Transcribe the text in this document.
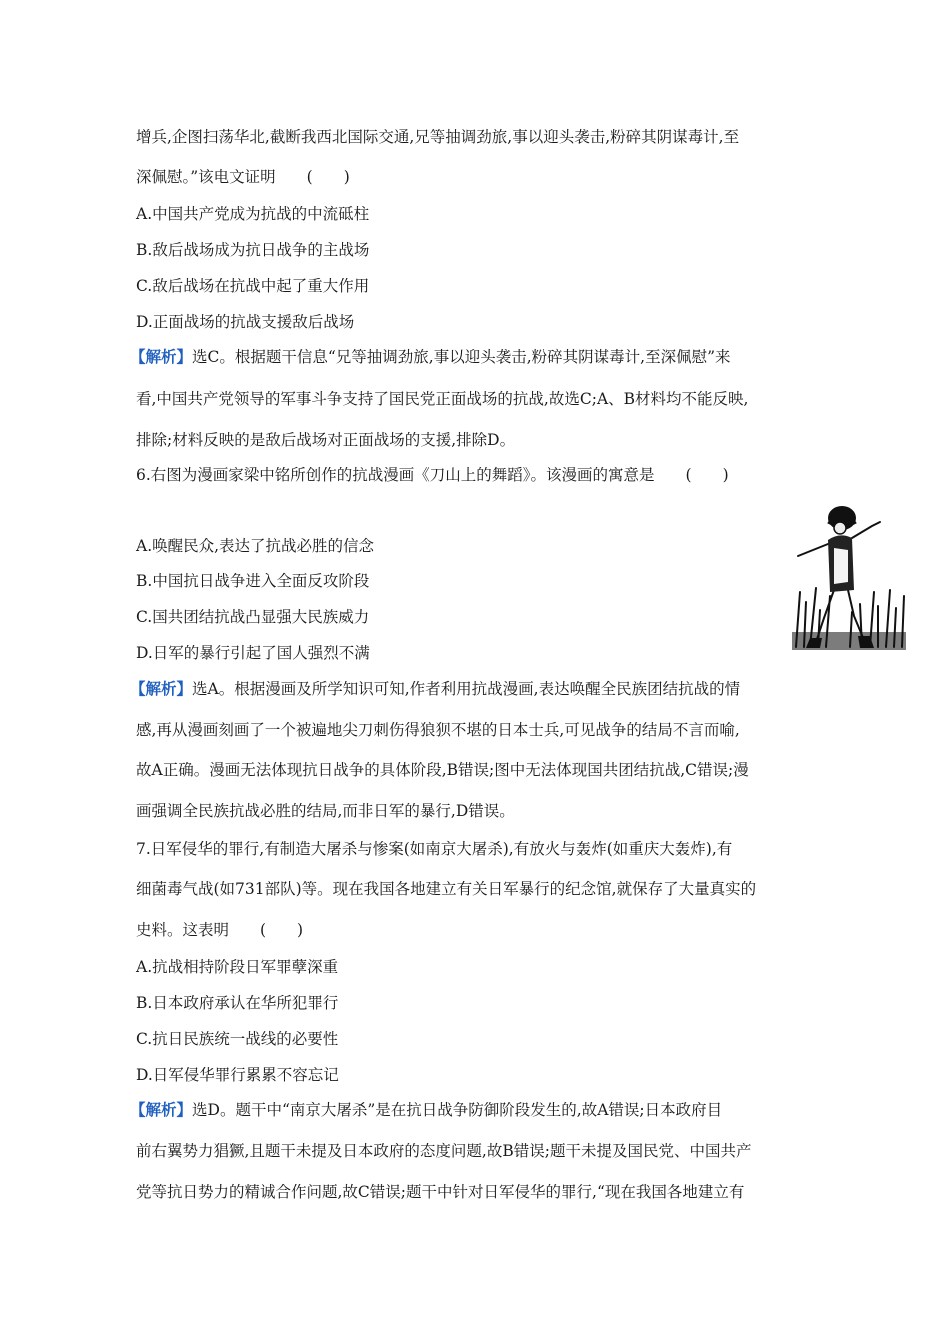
增兵,企图扫荡华北,截断我西北国际交通,兄等抽调劲旅,事以迎头袭击,粉碎其阴谋毒计,至
深佩慰。”该电文证明　　(　　)
A.中国共产党成为抗战的中流砥柱
B.敌后战场成为抗日战争的主战场
C.敌后战场在抗战中起了重大作用
D.正面战场的抗战支援敌后战场
【解析】选C。根据题干信息“兄等抽调劲旅,事以迎头袭击,粉碎其阴谋毒计,至深佩慰”来
看,中国共产党领导的军事斗争支持了国民党正面战场的抗战,故选C;A、B材料均不能反映,
排除;材料反映的是敌后战场对正面战场的支援,排除D。
6.右图为漫画家梁中铭所创作的抗战漫画《刀山上的舞蹈》。该漫画的寓意是　　(　　)
A.唤醒民众,表达了抗战必胜的信念
B.中国抗日战争进入全面反攻阶段
C.国共团结抗战凸显强大民族威力
D.日军的暴行引起了国人强烈不满
【解析】选A。根据漫画及所学知识可知,作者利用抗战漫画,表达唤醒全民族团结抗战的情
感,再从漫画刻画了一个被遍地尖刀刺伤得狼狈不堪的日本士兵,可见战争的结局不言而喻,
故A正确。漫画无法体现抗日战争的具体阶段,B错误;图中无法体现国共团结抗战,C错误;漫
画强调全民族抗战必胜的结局,而非日军的暴行,D错误。
7.日军侵华的罪行,有制造大屠杀与惨案(如南京大屠杀),有放火与轰炸(如重庆大轰炸),有
细菌毒气战(如731部队)等。现在我国各地建立有关日军暴行的纪念馆,就保存了大量真实的
史料。这表明　　(　　)
A.抗战相持阶段日军罪孽深重
B.日本政府承认在华所犯罪行
C.抗日民族统一战线的必要性
D.日军侵华罪行累累不容忘记
【解析】选D。题干中“南京大屠杀”是在抗日战争防御阶段发生的,故A错误;日本政府目
前右翼势力猖獗,且题干未提及日本政府的态度问题,故B错误;题干未提及国民党、中国共产
党等抗日势力的精诚合作问题,故C错误;题干中针对日军侵华的罪行,“现在我国各地建立有
